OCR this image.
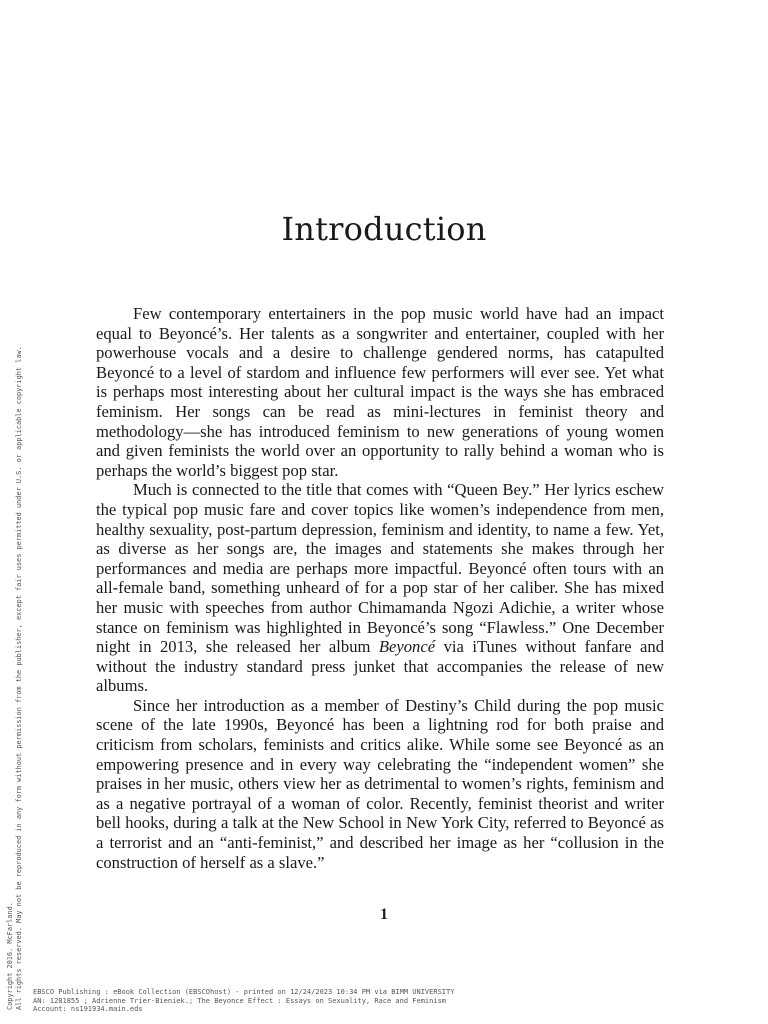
Introduction

Few contemporary entertainers in the pop music world have had an impact equal to Beyoncé’s. Her talents as a songwriter and entertainer, coupled with her powerhouse vocals and a desire to challenge gendered norms, has catapulted Beyoncé to a level of stardom and influence few performers will ever see. Yet what is perhaps most interesting about her cultural impact is the ways she has embraced feminism. Her songs can be read as mini-lectures in feminist theory and methodology—she has introduced feminism to new generations of young women and given feminists the world over an opportunity to rally behind a woman who is perhaps the world’s biggest pop star.

Much is connected to the title that comes with “Queen Bey.” Her lyrics eschew the typical pop music fare and cover topics like women’s independence from men, healthy sexuality, post-partum depression, feminism and identity, to name a few. Yet, as diverse as her songs are, the images and statements she makes through her performances and media are perhaps more impactful. Beyoncé often tours with an all-female band, something unheard of for a pop star of her caliber. She has mixed her music with speeches from author Chimamanda Ngozi Adichie, a writer whose stance on feminism was highlighted in Beyoncé’s song “Flawless.” One December night in 2013, she released her album Beyoncé via iTunes without fanfare and without the industry standard press junket that accompanies the release of new albums.

Since her introduction as a member of Destiny’s Child during the pop music scene of the late 1990s, Beyoncé has been a lightning rod for both praise and criticism from scholars, feminists and critics alike. While some see Beyoncé as an empowering presence and in every way celebrating the “independent women” she praises in her music, others view her as detrimental to women’s rights, feminism and as a negative portrayal of a woman of color. Recently, feminist theorist and writer bell hooks, during a talk at the New School in New York City, referred to Beyoncé as a terrorist and an “anti-feminist,” and described her image as her “collusion in the construction of herself as a slave.”

1
Copyright 2016. McFarland. All rights reserved. May not be reproduced in any form without permission from the publisher, except fair uses permitted under U.S. or applicable copyright law. EBSCO Publishing : eBook Collection (EBSCOhost) - printed on 12/24/2023 10:34 PM via BIMM UNIVERSITY
AN: 1281855 ; Adrienne Trier-Bieniek.; The Beyonce Effect : Essays on Sexuality, Race and Feminism
Account: ns191934.main.eds
